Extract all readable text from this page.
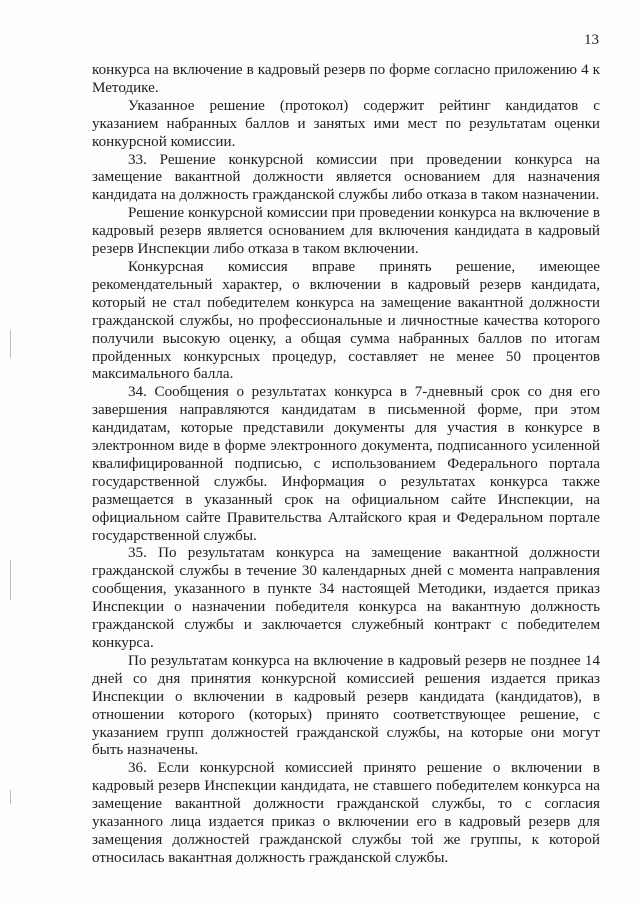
13

конкурса на включение в кадровый резерв по форме согласно приложению 4 к Методике.

Указанное решение (протокол) содержит рейтинг кандидатов с указанием набранных баллов и занятых ими мест по результатам оценки конкурсной комиссии.

33. Решение конкурсной комиссии при проведении конкурса на замещение вакантной должности является основанием для назначения кандидата на должность гражданской службы либо отказа в таком назначении.

Решение конкурсной комиссии при проведении конкурса на включение в кадровый резерв является основанием для включения кандидата в кадровый резерв Инспекции либо отказа в таком включении.

Конкурсная комиссия вправе принять решение, имеющее рекомендательный характер, о включении в кадровый резерв кандидата, который не стал победителем конкурса на замещение вакантной должности гражданской службы, но профессиональные и личностные качества которого получили высокую оценку, а общая сумма набранных баллов по итогам пройденных конкурсных процедур, составляет не менее 50 процентов максимального балла.

34. Сообщения о результатах конкурса в 7-дневный срок со дня его завершения направляются кандидатам в письменной форме, при этом кандидатам, которые представили документы для участия в конкурсе в электронном виде в форме электронного документа, подписанного усиленной квалифицированной подписью, с использованием Федерального портала государственной службы. Информация о результатах конкурса также размещается в указанный срок на официальном сайте Инспекции, на официальном сайте Правительства Алтайского края и Федеральном портале государственной службы.

35. По результатам конкурса на замещение вакантной должности гражданской службы в течение 30 календарных дней с момента направления сообщения, указанного в пункте 34 настоящей Методики, издается приказ Инспекции о назначении победителя конкурса на вакантную должность гражданской службы и заключается служебный контракт с победителем конкурса.

По результатам конкурса на включение в кадровый резерв не позднее 14 дней со дня принятия конкурсной комиссией решения издается приказ Инспекции о включении в кадровый резерв кандидата (кандидатов), в отношении которого (которых) принято соответствующее решение, с указанием групп должностей гражданской службы, на которые они могут быть назначены.

36. Если конкурсной комиссией принято решение о включении в кадровый резерв Инспекции кандидата, не ставшего победителем конкурса на замещение вакантной должности гражданской службы, то с согласия указанного лица издается приказ о включении его в кадровый резерв для замещения должностей гражданской службы той же группы, к которой относилась вакантная должность гражданской службы.
